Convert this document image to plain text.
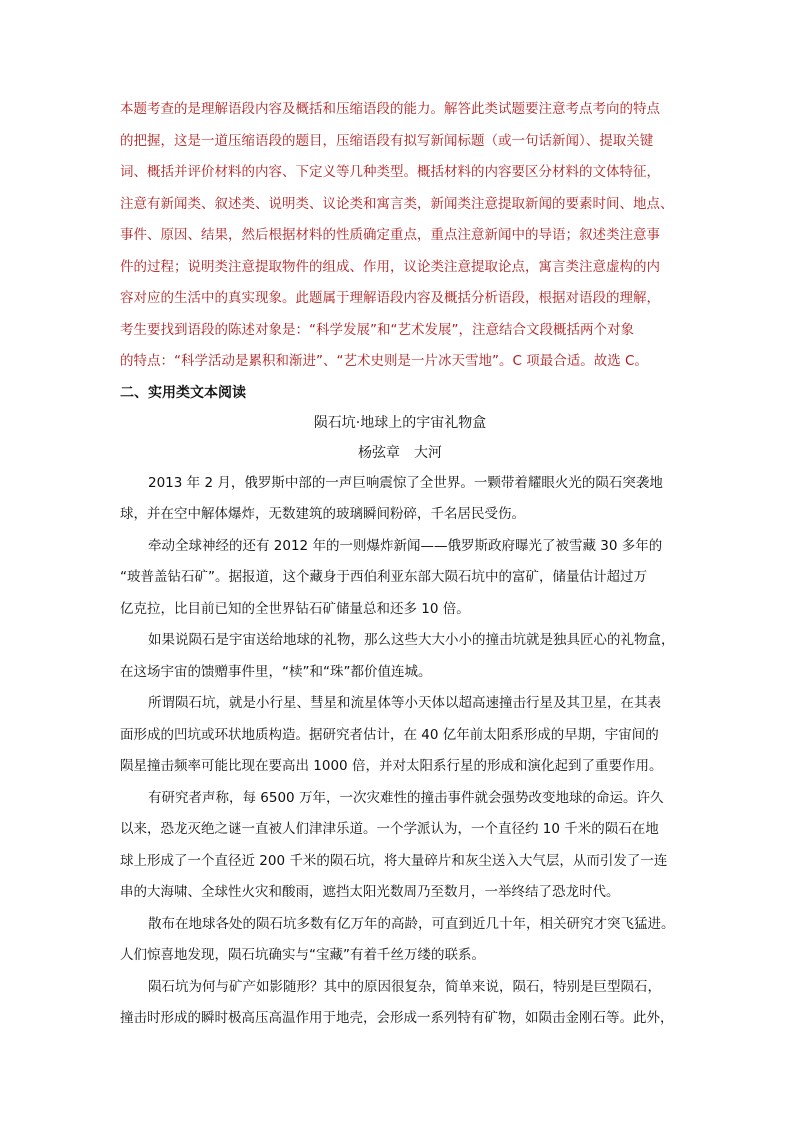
本题考查的是理解语段内容及概括和压缩语段的能力。解答此类试题要注意考点考向的特点
的把握，这是一道压缩语段的题目，压缩语段有拟写新闻标题（或一句话新闻）、提取关键
词、概括并评价材料的内容、下定义等几种类型。概括材料的内容要区分材料的文体特征，
注意有新闻类、叙述类、说明类、议论类和寓言类，新闻类注意提取新闻的要素时间、地点、
事件、原因、结果，然后根据材料的性质确定重点，重点注意新闻中的导语；叙述类注意事
件的过程；说明类注意提取物件的组成、作用，议论类注意提取论点，寓言类注意虚构的内
容对应的生活中的真实现象。此题属于理解语段内容及概括分析语段，根据对语段的理解，
考生要找到语段的陈述对象是：“科学发展”和“艺术发展”，注意结合文段概括两个对象
的特点：“科学活动是累积和渐进”、“艺术史则是一片冰天雪地”。C 项最合适。故选 C。

二、实用类文本阅读

陨石坑·地球上的宇宙礼物盒

杨弦章　大河

2013 年 2 月，俄罗斯中部的一声巨响震惊了全世界。一颗带着耀眼火光的陨石突袭地
球，并在空中解体爆炸，无数建筑的玻璃瞬间粉碎，千名居民受伤。
牵动全球神经的还有 2012 年的一则爆炸新闻——俄罗斯政府曝光了被雪藏 30 多年的
“玻普盖钻石矿”。据报道，这个藏身于西伯利亚东部大陨石坑中的富矿，储量估计超过万
亿克拉，比目前已知的全世界钻石矿储量总和还多 10 倍。
如果说陨石是宇宙送给地球的礼物，那么这些大大小小的撞击坑就是独具匠心的礼物盒，
在这场宇宙的馈赠事件里，“椟”和“珠”都价值连城。
所谓陨石坑，就是小行星、彗星和流星体等小天体以超高速撞击行星及其卫星，在其表
面形成的凹坑或环状地质构造。据研究者估计，在 40 亿年前太阳系形成的早期，宇宙间的
陨星撞击频率可能比现在要高出 1000 倍，并对太阳系行星的形成和演化起到了重要作用。
有研究者声称，每 6500 万年，一次灾难性的撞击事件就会强势改变地球的命运。许久
以来，恐龙灭绝之谜一直被人们津津乐道。一个学派认为，一个直径约 10 千米的陨石在地
球上形成了一个直径近 200 千米的陨石坑，将大量碎片和灰尘送入大气层，从而引发了一连
串的大海啸、全球性火灾和酸雨，遮挡太阳光数周乃至数月，一举终结了恐龙时代。
散布在地球各处的陨石坑多数有亿万年的高龄，可直到近几十年，相关研究才突飞猛进。
人们惊喜地发现，陨石坑确实与“宝藏”有着千丝万缕的联系。
陨石坑为何与矿产如影随形？其中的原因很复杂，简单来说，陨石，特别是巨型陨石，
撞击时形成的瞬时极高压高温作用于地壳，会形成一系列特有矿物，如陨击金刚石等。此外，
